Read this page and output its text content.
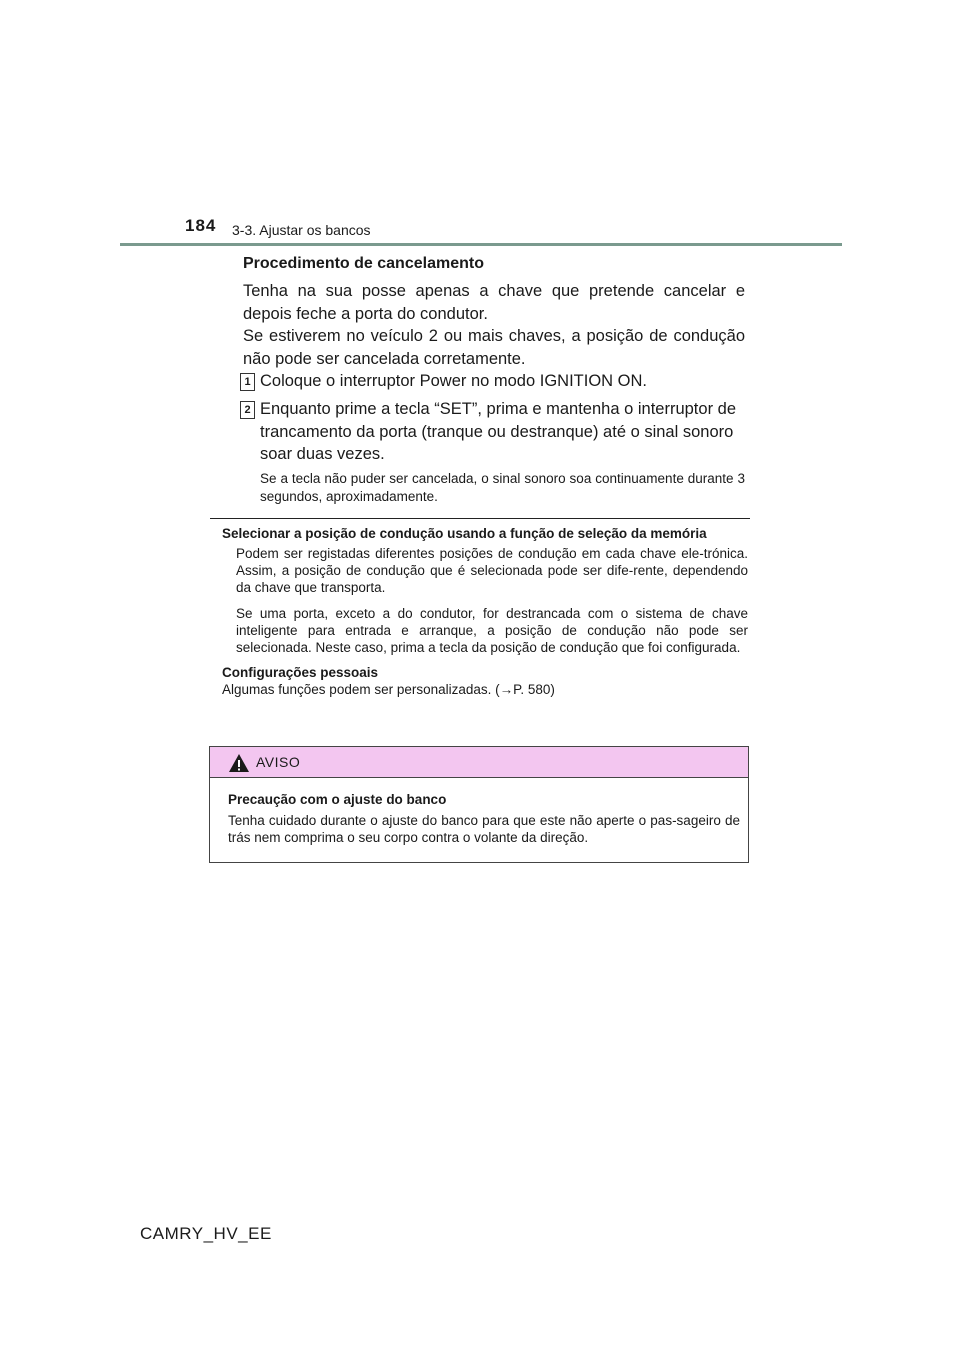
184 3-3. Ajustar os bancos
Procedimento de cancelamento

Tenha na sua posse apenas a chave que pretende cancelar e depois feche a porta do condutor.

Se estiverem no veículo 2 ou mais chaves, a posição de condução não pode ser cancelada corretamente.

1 Coloque o interruptor Power no modo IGNITION ON.
2 Enquanto prime a tecla “SET”, prima e mantenha o interruptor de trancamento da porta (tranque ou destranque) até o sinal sonoro soar duas vezes.
Se a tecla não puder ser cancelada, o sinal sonoro soa continuamente durante 3 segundos, aproximadamente.
Selecionar a posição de condução usando a função de seleção da memória
Podem ser registadas diferentes posições de condução em cada chave ele-trónica. Assim, a posição de condução que é selecionada pode ser dife-rente, dependendo da chave que transporta.
Se uma porta, exceto a do condutor, for destrancada com o sistema de chave inteligente para entrada e arranque, a posição de condução não pode ser selecionada. Neste caso, prima a tecla da posição de condução que foi configurada.
Configurações pessoais
Algumas funções podem ser personalizadas. (→P. 580)
AVISO
Precaução com o ajuste do banco
Tenha cuidado durante o ajuste do banco para que este não aperte o pas-sageiro de trás nem comprima o seu corpo contra o volante da direção.
CAMRY_HV_EE
